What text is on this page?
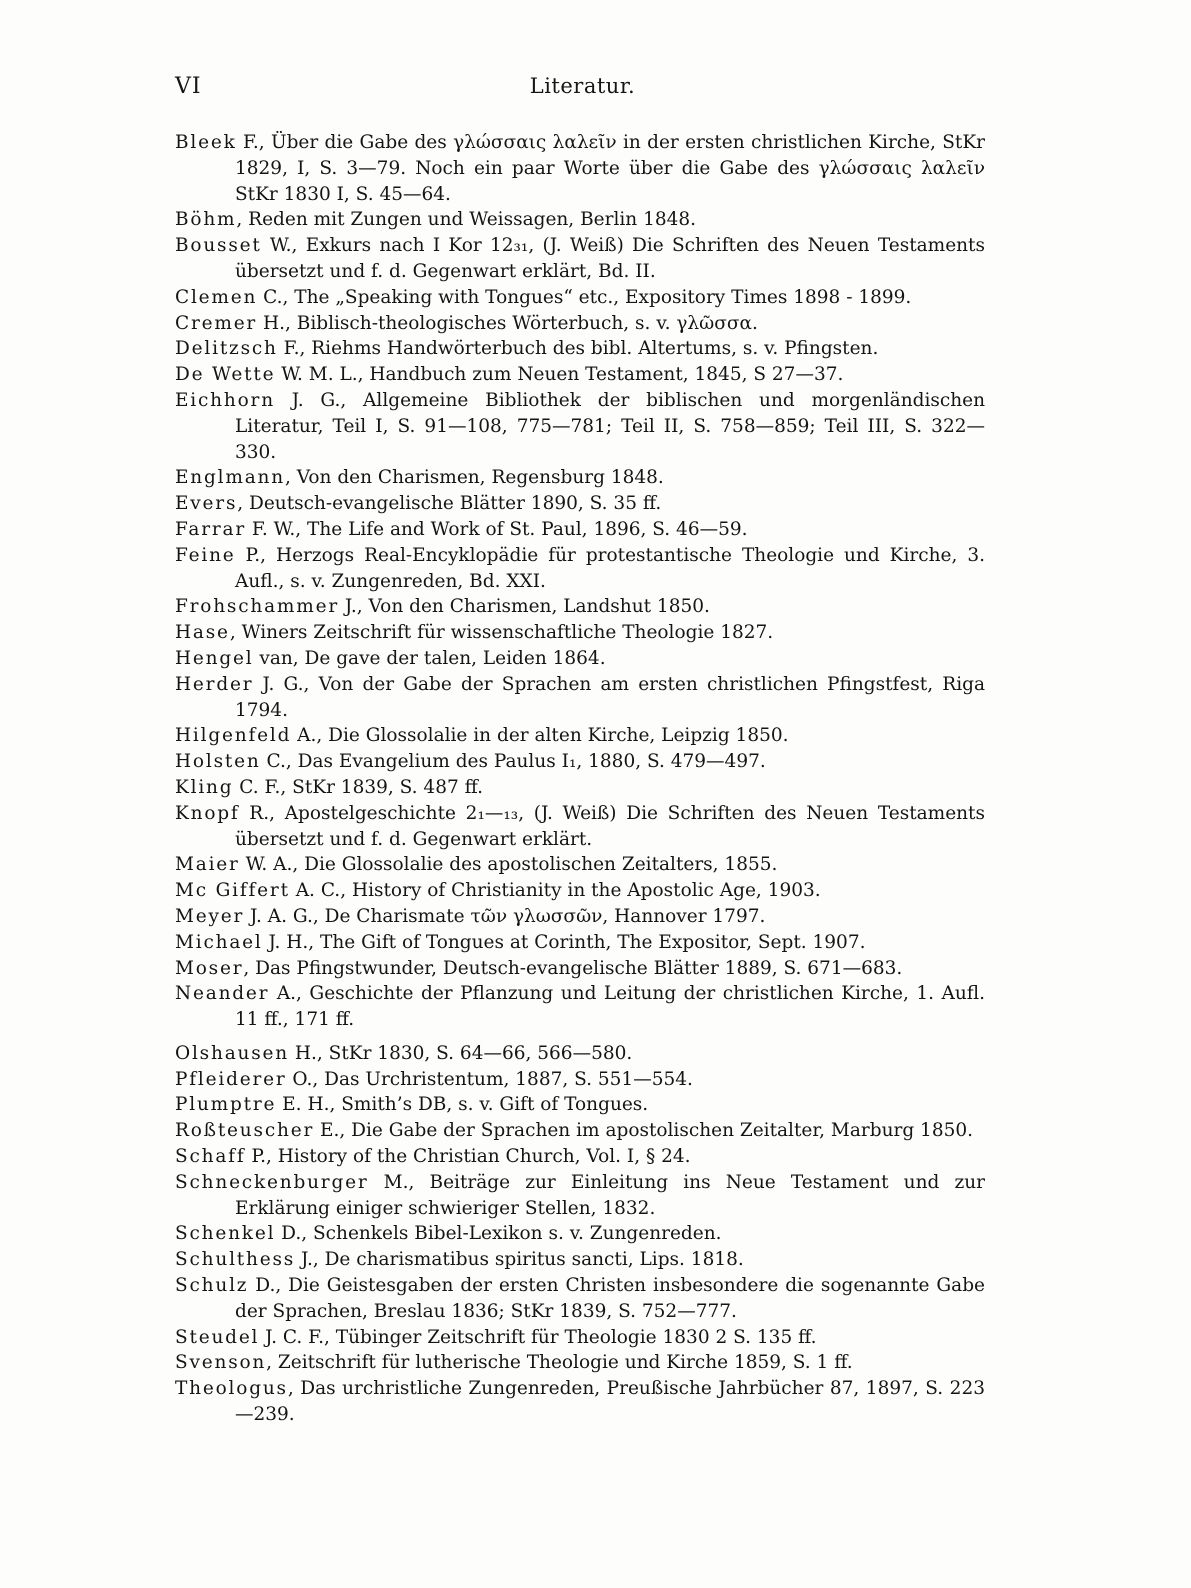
VI	Literatur.
Bleek F., Über die Gabe des γλώσσαις λαλεῖν in der ersten christlichen Kirche, StKr 1829, I, S. 3—79. Noch ein paar Worte über die Gabe des γλώσσαις λαλεῖν StKr 1830 I, S. 45—64.
Böhm, Reden mit Zungen und Weissagen, Berlin 1848.
Bousset W., Exkurs nach I Kor 12₃₁, (J. Weiß) Die Schriften des Neuen Testaments übersetzt und f. d. Gegenwart erklärt, Bd. II.
Clemen C., The „Speaking with Tongues“ etc., Expository Times 1898 - 1899.
Cremer H., Biblisch-theologisches Wörterbuch, s. v. γλῶσσα.
Delitzsch F., Riehms Handwörterbuch des bibl. Altertums, s. v. Pfingsten.
De Wette W. M. L., Handbuch zum Neuen Testament, 1845, S 27—37.
Eichhorn J. G., Allgemeine Bibliothek der biblischen und morgenländischen Literatur, Teil I, S. 91—108, 775—781; Teil II, S. 758—859; Teil III, S. 322—330.
Englmann, Von den Charismen, Regensburg 1848.
Evers, Deutsch-evangelische Blätter 1890, S. 35 ff.
Farrar F. W., The Life and Work of St. Paul, 1896, S. 46—59.
Feine P., Herzogs Real-Encyklopädie für protestantische Theologie und Kirche, 3. Aufl., s. v. Zungenreden, Bd. XXI.
Frohschammer J., Von den Charismen, Landshut 1850.
Hase, Winers Zeitschrift für wissenschaftliche Theologie 1827.
Hengel van, De gave der talen, Leiden 1864.
Herder J. G., Von der Gabe der Sprachen am ersten christlichen Pfingstfest, Riga 1794.
Hilgenfeld A., Die Glossolalie in der alten Kirche, Leipzig 1850.
Holsten C., Das Evangelium des Paulus I₁, 1880, S. 479—497.
Kling C. F., StKr 1839, S. 487 ff.
Knopf R., Apostelgeschichte 2₁—₁₃, (J. Weiß) Die Schriften des Neuen Testaments übersetzt und f. d. Gegenwart erklärt.
Maier W. A., Die Glossolalie des apostolischen Zeitalters, 1855.
Mc Giffert A. C., History of Christianity in the Apostolic Age, 1903.
Meyer J. A. G., De Charismate τῶν γλωσσῶν, Hannover 1797.
Michael J. H., The Gift of Tongues at Corinth, The Expositor, Sept. 1907.
Moser, Das Pfingstwunder, Deutsch-evangelische Blätter 1889, S. 671—683.
Neander A., Geschichte der Pflanzung und Leitung der christlichen Kirche, 1. Aufl. 11 ff., 171 ff.
Olshausen H., StKr 1830, S. 64—66, 566—580.
Pfleiderer O., Das Urchristentum, 1887, S. 551—554.
Plumptre E. H., Smith’s DB, s. v. Gift of Tongues.
Roßteuscher E., Die Gabe der Sprachen im apostolischen Zeitalter, Marburg 1850.
Schaff P., History of the Christian Church, Vol. I, § 24.
Schneckenburger M., Beiträge zur Einleitung ins Neue Testament und zur Erklärung einiger schwieriger Stellen, 1832.
Schenkel D., Schenkels Bibel-Lexikon s. v. Zungenreden.
Schulthess J., De charismatibus spiritus sancti, Lips. 1818.
Schulz D., Die Geistesgaben der ersten Christen insbesondere die sogenannte Gabe der Sprachen, Breslau 1836; StKr 1839, S. 752—777.
Steudel J. C. F., Tübinger Zeitschrift für Theologie 1830 2 S. 135 ff.
Svenson, Zeitschrift für lutherische Theologie und Kirche 1859, S. 1 ff.
Theologus, Das urchristliche Zungenreden, Preußische Jahrbücher 87, 1897, S. 223—239.
